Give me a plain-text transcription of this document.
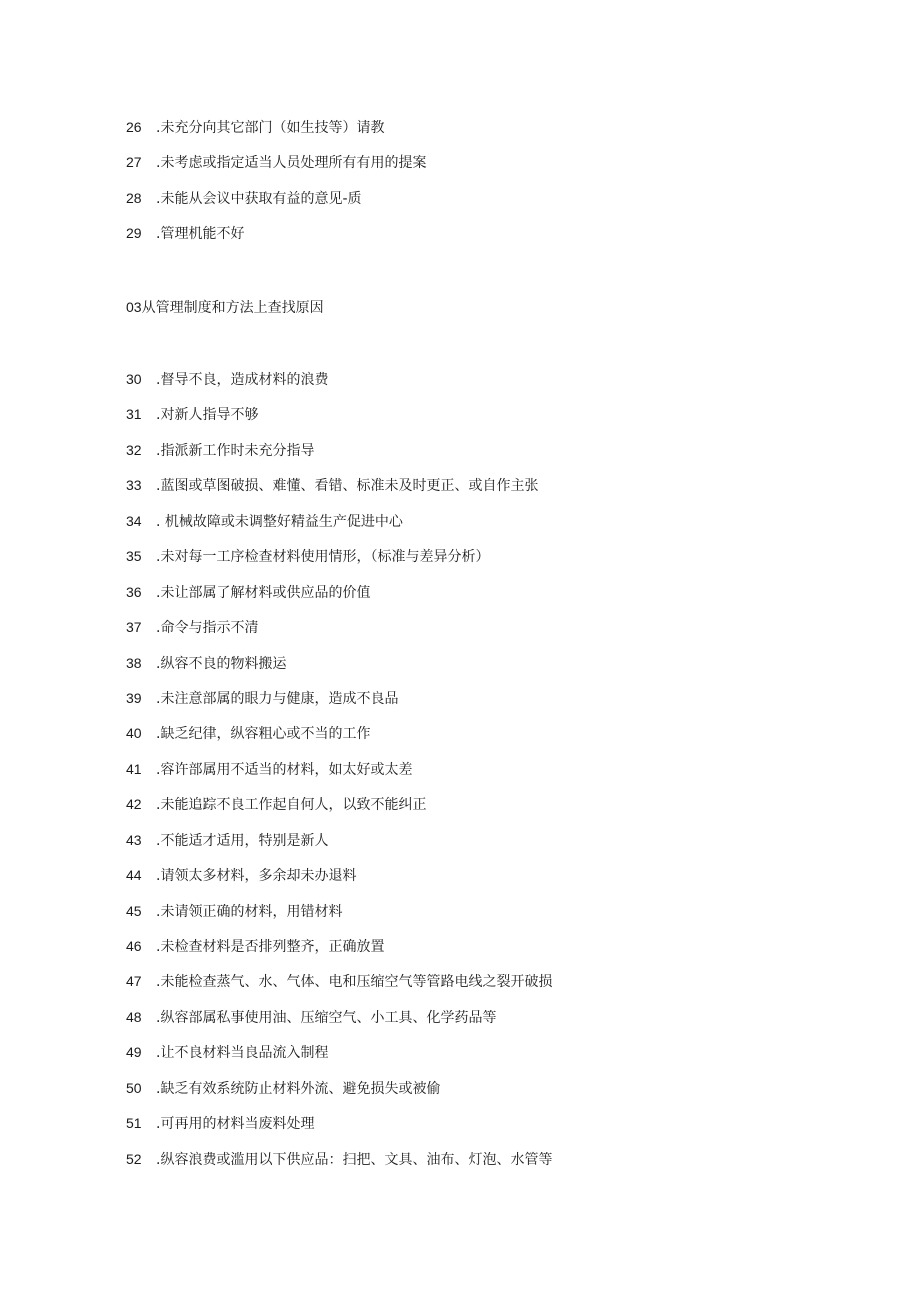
26 .未充分向其它部门（如生技等）请教
27 .未考虑或指定适当人员处理所有有用的提案
28 .未能从会议中获取有益的意见-质
29 .管理机能不好
03从管理制度和方法上查找原因
30 .督导不良，造成材料的浪费
31 .对新人指导不够
32 .指派新工作时未充分指导
33 .蓝图或草图破损、难懂、看错、标准未及时更正、或自作主张
34 . 机械故障或未调整好精益生产促进中心
35 .未对每一工序检查材料使用情形，（标准与差异分析）
36 .未让部属了解材料或供应品的价值
37 .命令与指示不清
38 .纵容不良的物料搬运
39 .未注意部属的眼力与健康，造成不良品
40 .缺乏纪律，纵容粗心或不当的工作
41 .容许部属用不适当的材料，如太好或太差
42 .未能追踪不良工作起自何人，以致不能纠正
43 .不能适才适用，特别是新人
44 .请领太多材料，多余却未办退料
45 .未请领正确的材料，用错材料
46 .未检查材料是否排列整齐，正确放置
47 .未能检查蒸气、水、气体、电和压缩空气等管路电线之裂开破损
48 .纵容部属私事使用油、压缩空气、小工具、化学药品等
49 .让不良材料当良品流入制程
50 .缺乏有效系统防止材料外流、避免损失或被偷
51 .可再用的材料当废料处理
52 .纵容浪费或滥用以下供应品：扫把、文具、油布、灯泡、水管等
